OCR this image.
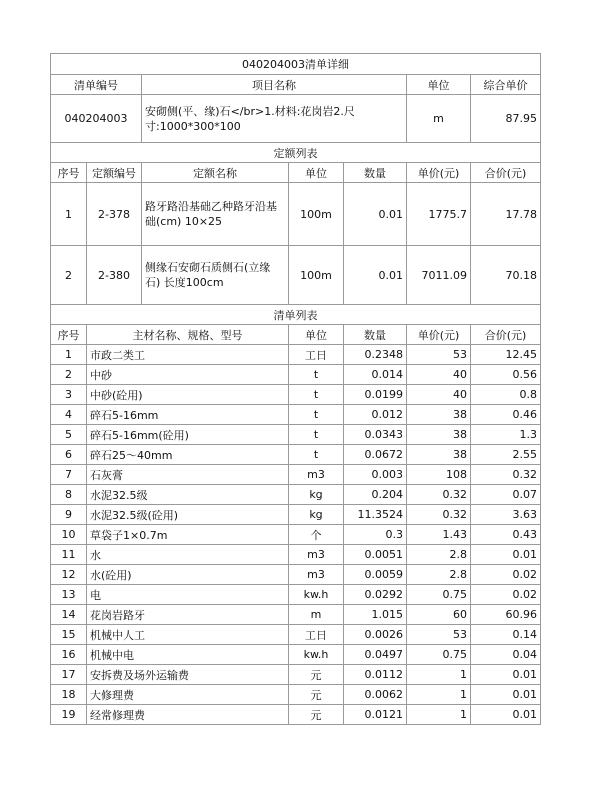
040204003清单详细						
清单编号		项目名称			单位	综合单价
040204003		安砌侧(平、缘)石</br>1.材料:花岗岩2.尺寸:1000*300*100			m	87.95
定额列表						
序号	定额编号	定额名称	单位	数量	单价(元)	合价(元)
1	2-378	路牙路沿基础乙种路牙沿基础(cm) 10×25	100m	0.01	1775.7	17.78
2	2-380	侧缘石安砌石质侧石(立缘石) 长度100cm	100m	0.01	7011.09	70.18
清单列表						
序号	主材名称、规格、型号		单位	数量	单价(元)	合价(元)
1	市政二类工		工日	0.2348	53	12.45
2	中砂		t	0.014	40	0.56
3	中砂(砼用)		t	0.0199	40	0.8
4	碎石5-16mm		t	0.012	38	0.46
5	碎石5-16mm(砼用)		t	0.0343	38	1.3
6	碎石25～40mm		t	0.0672	38	2.55
7	石灰膏		m3	0.003	108	0.32
8	水泥32.5级		kg	0.204	0.32	0.07
9	水泥32.5级(砼用)		kg	11.3524	0.32	3.63
10	草袋子1×0.7m		个	0.3	1.43	0.43
11	水		m3	0.0051	2.8	0.01
12	水(砼用)		m3	0.0059	2.8	0.02
13	电		kw.h	0.0292	0.75	0.02
14	花岗岩路牙		m	1.015	60	60.96
15	机械中人工		工日	0.0026	53	0.14
16	机械中电		kw.h	0.0497	0.75	0.04
17	安拆费及场外运输费		元	0.0112	1	0.01
18	大修理费		元	0.0062	1	0.01
19	经常修理费		元	0.0121	1	0.01
